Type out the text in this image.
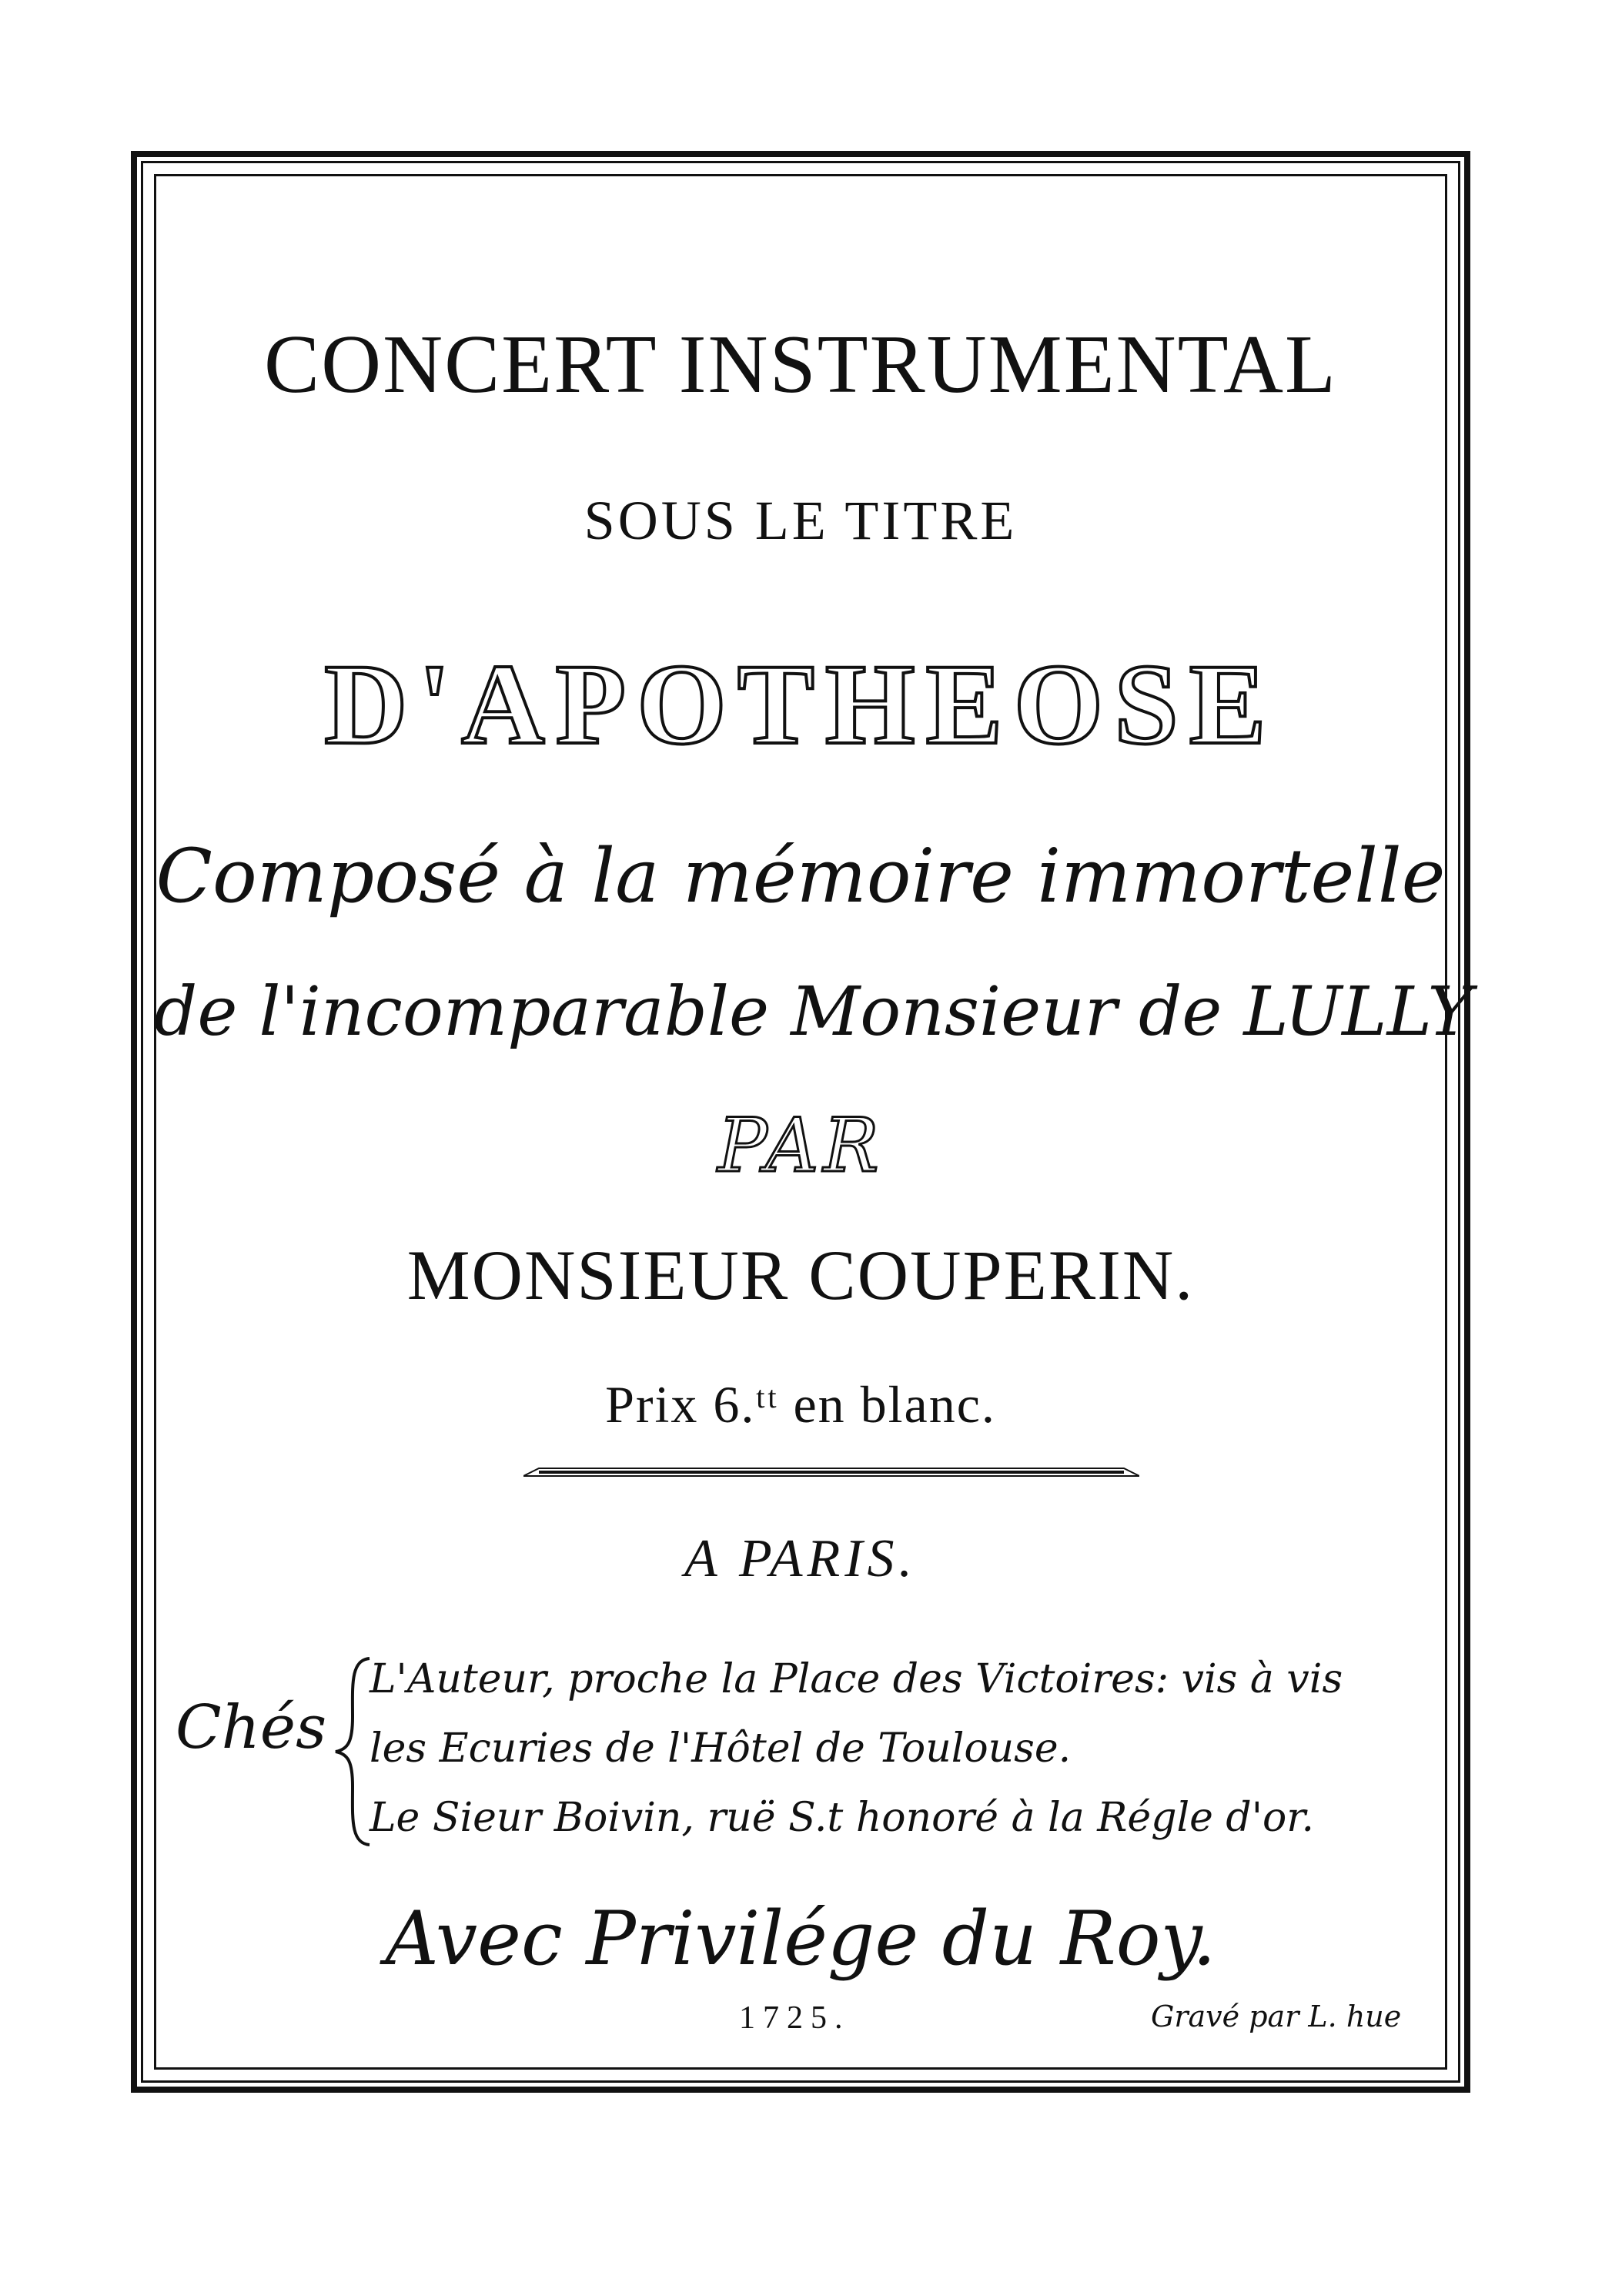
CONCERT INSTRUMENTAL
SOUS LE TITRE
D'APOTHEOSE
Composé à la mémoire immortelle
de l'incomparable Monsieur de LULLY
PAR
MONSIEUR COUPERIN.
Prix 6.ᵗᵗ en blanc.
A PARIS.
Chés
L'Auteur, proche la Place des Victoires: vis à vis
les Ecuries de l'Hôtel de Toulouse.
Le Sieur Boivin, ruë S.t honoré à la Régle d'or.
Avec Privilége du Roy.
1725.	Gravé par L. hue
